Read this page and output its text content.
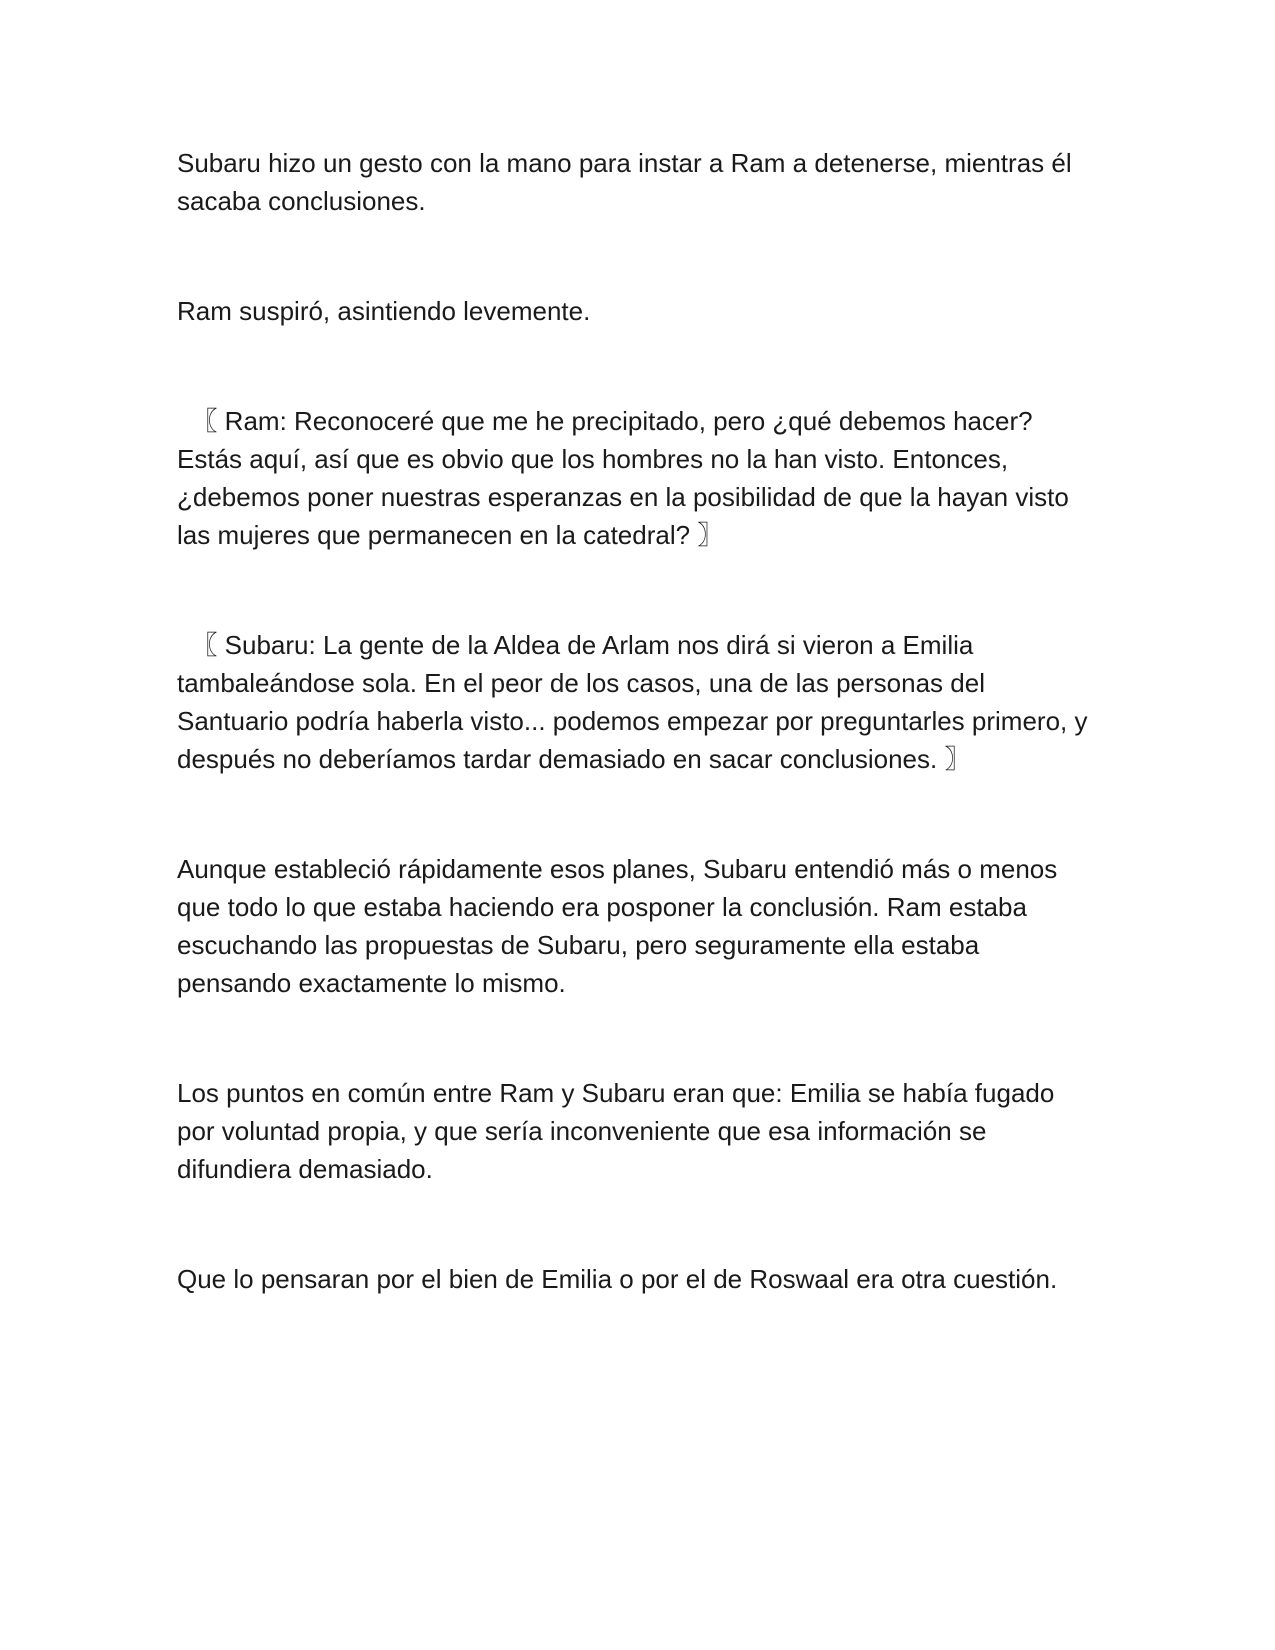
Subaru hizo un gesto con la mano para instar a Ram a detenerse, mientras él sacaba conclusiones.

Ram suspiró, asintiendo levemente.

〖 Ram: Reconoceré que me he precipitado, pero ¿qué debemos hacer? Estás aquí, así que es obvio que los hombres no la han visto. Entonces, ¿debemos poner nuestras esperanzas en la posibilidad de que la hayan visto las mujeres que permanecen en la catedral? 〗

〖 Subaru: La gente de la Aldea de Arlam nos dirá si vieron a Emilia tambaleándose sola. En el peor de los casos, una de las personas del Santuario podría haberla visto... podemos empezar por preguntarles primero, y después no deberíamos tardar demasiado en sacar conclusiones. 〗

Aunque estableció rápidamente esos planes, Subaru entendió más o menos que todo lo que estaba haciendo era posponer la conclusión. Ram estaba escuchando las propuestas de Subaru, pero seguramente ella estaba pensando exactamente lo mismo.

Los puntos en común entre Ram y Subaru eran que: Emilia se había fugado por voluntad propia, y que sería inconveniente que esa información se difundiera demasiado.

Que lo pensaran por el bien de Emilia o por el de Roswaal era otra cuestión.
